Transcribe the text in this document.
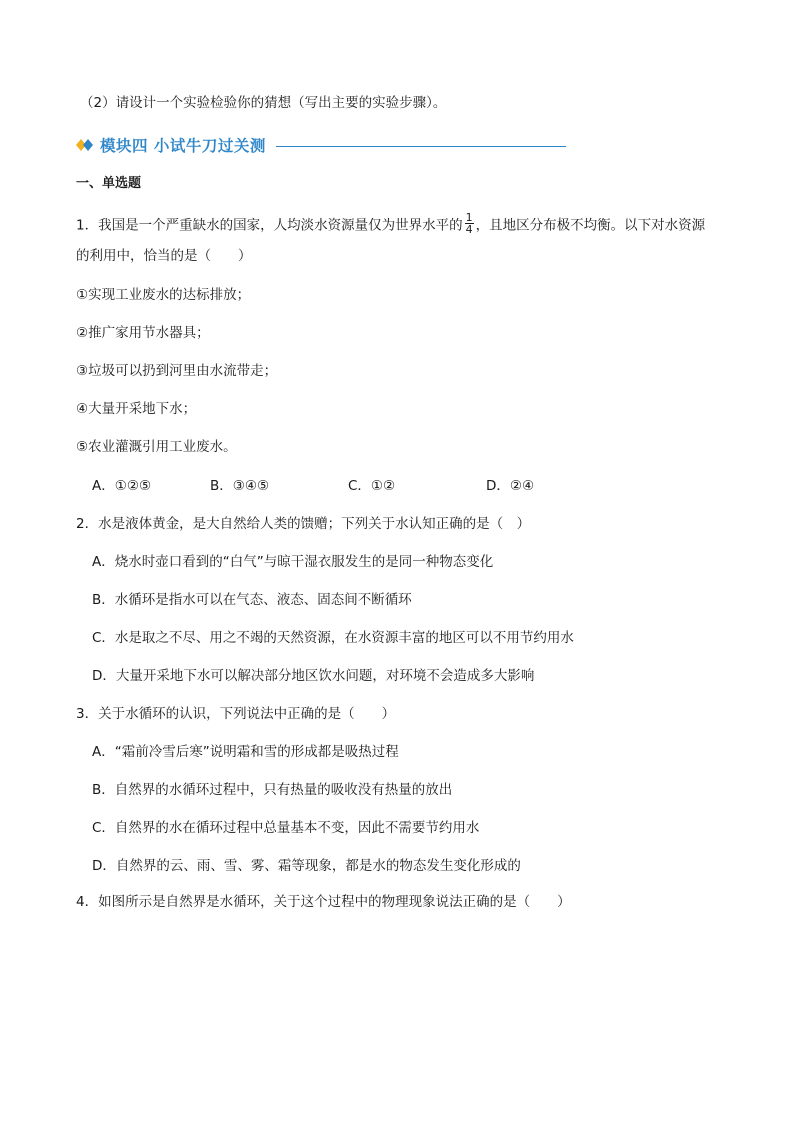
（2）请设计一个实验检验你的猜想（写出主要的实验步骤）。
模块四 小试牛刀过关测
一、单选题
1．我国是一个严重缺水的国家，人均淡水资源量仅为世界水平的 $\frac{1}{4}$ ，且地区分布极不均衡。以下对水资源
的利用中，恰当的是（　　）
①实现工业废水的达标排放；
②推广家用节水器具；
③垃圾可以扔到河里由水流带走；
④大量开采地下水；
⑤农业灌溉引用工业废水。
A．①②⑤	B．③④⑤	C．①②	D．②④
2．水是液体黄金，是大自然给人类的馈赠；下列关于水认知正确的是（　）
A．烧水时壶口看到的“白气”与晾干湿衣服发生的是同一种物态变化
B．水循环是指水可以在气态、液态、固态间不断循环
C．水是取之不尽、用之不竭的天然资源，在水资源丰富的地区可以不用节约用水
D．大量开采地下水可以解决部分地区饮水问题，对环境不会造成多大影响
3．关于水循环的认识，下列说法中正确的是（　　）
A．“霜前冷雪后寒”说明霜和雪的形成都是吸热过程
B．自然界的水循环过程中，只有热量的吸收没有热量的放出
C．自然界的水在循环过程中总量基本不变，因此不需要节约用水
D．自然界的云、雨、雪、雾、霜等现象，都是水的物态发生变化形成的
4．如图所示是自然界是水循环，关于这个过程中的物理现象说法正确的是（　　）
